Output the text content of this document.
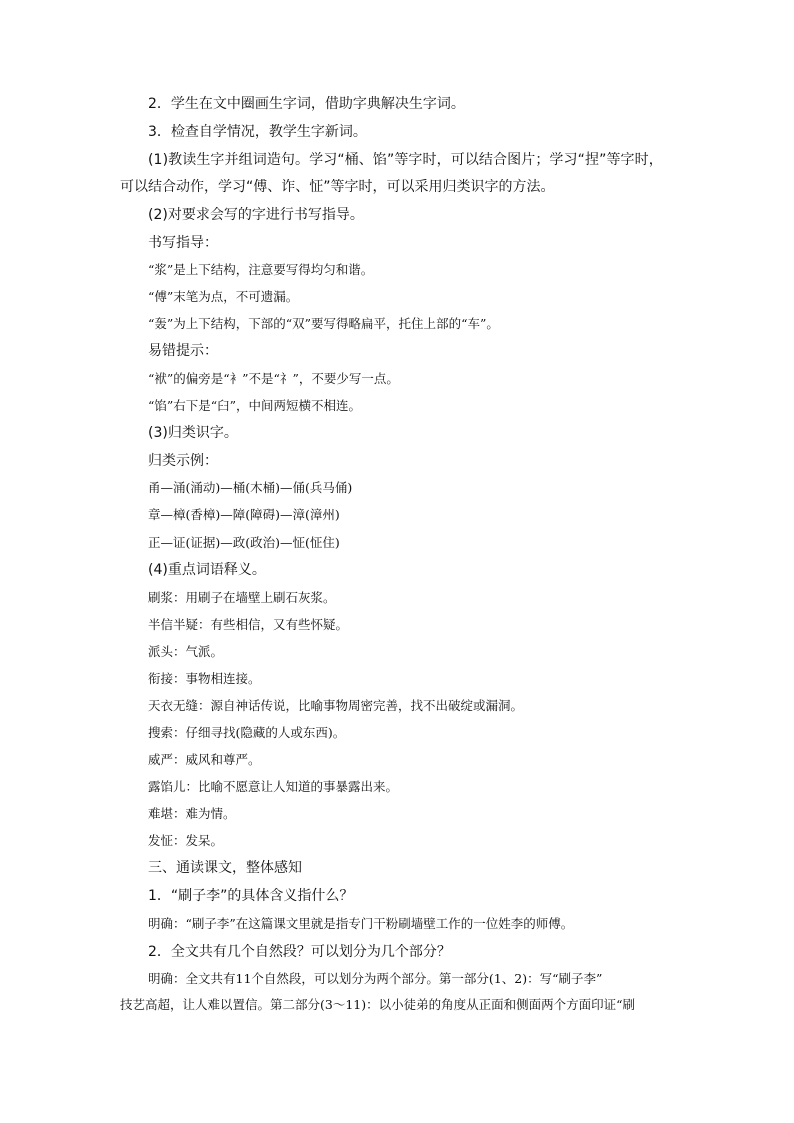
2．学生在文中圈画生字词，借助字典解决生字词。

3．检查自学情况，教学生字新词。

(1)教读生字并组词造句。学习“桶、馅”等字时，可以结合图片；学习“捏”等字时，

可以结合动作，学习“傅、诈、怔”等字时，可以采用归类识字的方法。

(2)对要求会写的字进行书写指导。

书写指导：

“浆”是上下结构，注意要写得均匀和谐。

“傅”末笔为点，不可遗漏。

“轰”为上下结构，下部的“双”要写得略扁平，托住上部的“车”。

易错提示：

“袱”的偏旁是“衤”不是“礻”，不要少写一点。

“馅”右下是“臼”，中间两短横不相连。

(3)归类识字。

归类示例：

甬—涌(涌动)—桶(木桶)—俑(兵马俑)

章—樟(香樟)—障(障碍)—漳(漳州)

正—证(证据)—政(政治)—怔(怔住)

(4)重点词语释义。

刷浆：用刷子在墙壁上刷石灰浆。

半信半疑：有些相信，又有些怀疑。

派头：气派。

衔接：事物相连接。

天衣无缝：源自神话传说，比喻事物周密完善，找不出破绽或漏洞。

搜索：仔细寻找(隐藏的人或东西)。

威严：威风和尊严。

露馅儿：比喻不愿意让人知道的事暴露出来。

难堪：难为情。

发怔：发呆。

三、通读课文，整体感知

1．“刷子李”的具体含义指什么？

明确：“刷子李”在这篇课文里就是指专门干粉刷墙壁工作的一位姓李的师傅。

2．全文共有几个自然段？可以划分为几个部分？

明确：全文共有11个自然段，可以划分为两个部分。第一部分(1、2)：写“刷子李”

技艺高超，让人难以置信。第二部分(3～11)：以小徒弟的角度从正面和侧面两个方面印证“刷
